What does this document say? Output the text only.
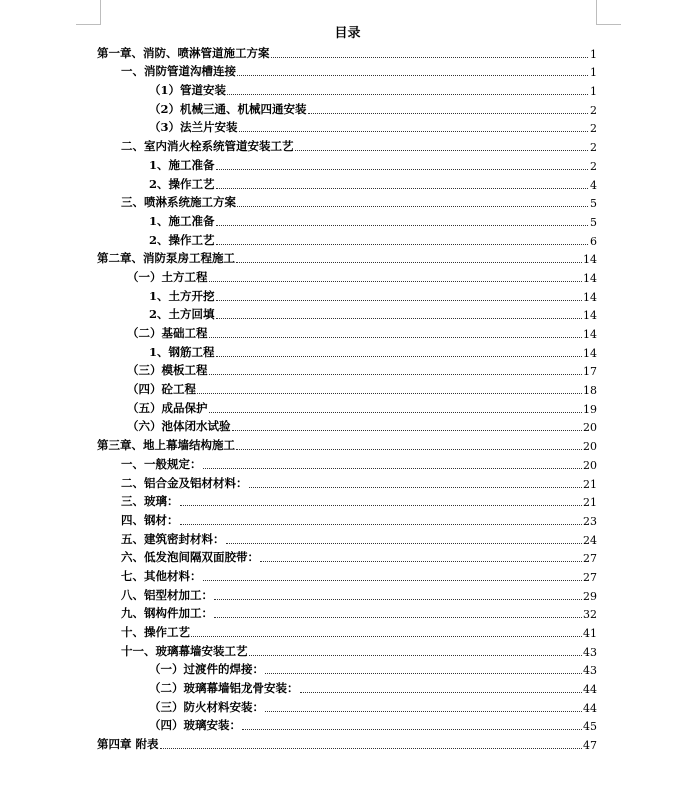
目录
第一章、消防、喷淋管道施工方案	1
一、消防管道沟槽连接	1
（1）管道安装	1
（2）机械三通、机械四通安装	2
（3）法兰片安装	2
二、室内消火栓系统管道安装工艺	2
1、施工准备	2
2、操作工艺	4
三、喷淋系统施工方案	5
1、施工准备	5
2、操作工艺	6
第二章、消防泵房工程施工	14
（一）土方工程	14
1、土方开挖	14
2、土方回填	14
（二）基础工程	14
1、钢筋工程	14
（三）模板工程	17
（四）砼工程	18
（五）成品保护	19
（六）池体闭水试验	20
第三章、地上幕墙结构施工	20
一、一般规定：	20
二、铝合金及铝材材料：	21
三、玻璃：	21
四、钢材：	23
五、建筑密封材料：	24
六、低发泡间隔双面胶带：	27
七、其他材料：	27
八、铝型材加工：	29
九、钢构件加工：	32
十、操作工艺	41
十一、玻璃幕墙安装工艺	43
（一）过渡件的焊接：	43
（二）玻璃幕墙铝龙骨安装：	44
（三）防火材料安装：	44
（四）玻璃安装：	45
第四章 附表	47
